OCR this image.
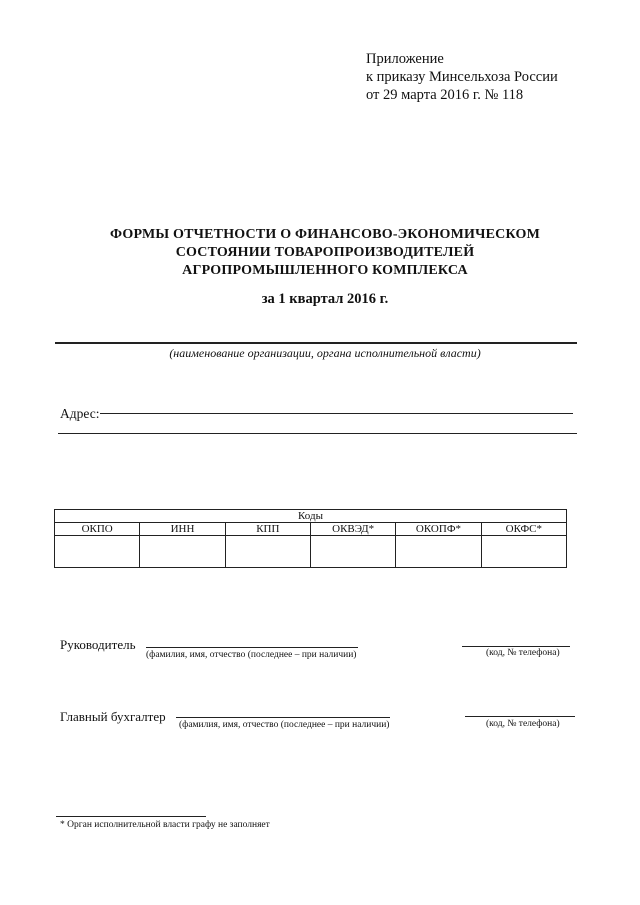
Приложение
к приказу Минсельхоза России
от 29 марта 2016 г. № 118
ФОРМЫ ОТЧЕТНОСТИ О ФИНАНСОВО-ЭКОНОМИЧЕСКОМ
СОСТОЯНИИ ТОВАРОПРОИЗВОДИТЕЛЕЙ
АГРОПРОМЫШЛЕННОГО КОМПЛЕКСА
за 1 квартал 2016 г.
(наименование организации, органа исполнительной власти)
Адрес:
Коды					
ОКПО	ИНН	КПП	ОКВЭД*	ОКОПФ*	ОКФС*

Руководитель
(фамилия, имя, отчество (последнее – при наличии)	(код, № телефона)
Главный бухгалтер
(фамилия, имя, отчество (последнее – при наличии)	(код, № телефона)
* Орган исполнительной власти графу не заполняет
